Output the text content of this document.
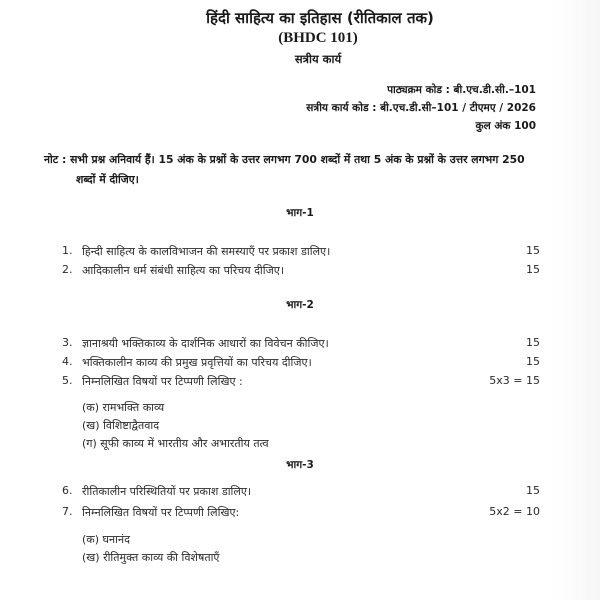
हिंदी साहित्य का इतिहास (रीतिकाल तक)
(BHDC 101)
सत्रीय कार्य
पाठ्यक्रम कोड : बी.एच.डी.सी.–101
सत्रीय कार्य कोड : बी.एच.डी.सी–101 / टीएमए / 2026
कुल अंक 100
नोट : सभी प्रश्न अनिवार्य हैं। 15 अंक के प्रश्नों के उत्तर लगभग 700 शब्दों में तथा 5 अंक के प्रश्नों के उत्तर लगभग 250
शब्दों में दीजिए।
भाग-1
1. हिन्दी साहित्य के कालविभाजन की समस्याएँ पर प्रकाश डालिए।	15
2. आदिकालीन धर्म संबंधी साहित्य का परिचय दीजिए।	15
भाग-2
3. ज्ञानाश्रयी भक्तिकाव्य के दार्शनिक आधारों का विवेचन कीजिए।	15
4. भक्तिकालीन काव्य की प्रमुख प्रवृत्तियों का परिचय दीजिए।	15
5. निम्नलिखित विषयों पर टिप्पणी लिखिए :	5x3 = 15
(क) रामभक्ति काव्य
(ख) विशिष्टाद्वैतवाद
(ग) सूफी काव्य में भारतीय और अभारतीय तत्व
भाग-3
6. रीतिकालीन परिस्थितियों पर प्रकाश डालिए।	15
7. निम्नलिखित विषयों पर टिप्पणी लिखिए:	5x2 = 10
(क) घनानंद
(ख) रीतिमुक्त काव्य की विशेषताएँ
